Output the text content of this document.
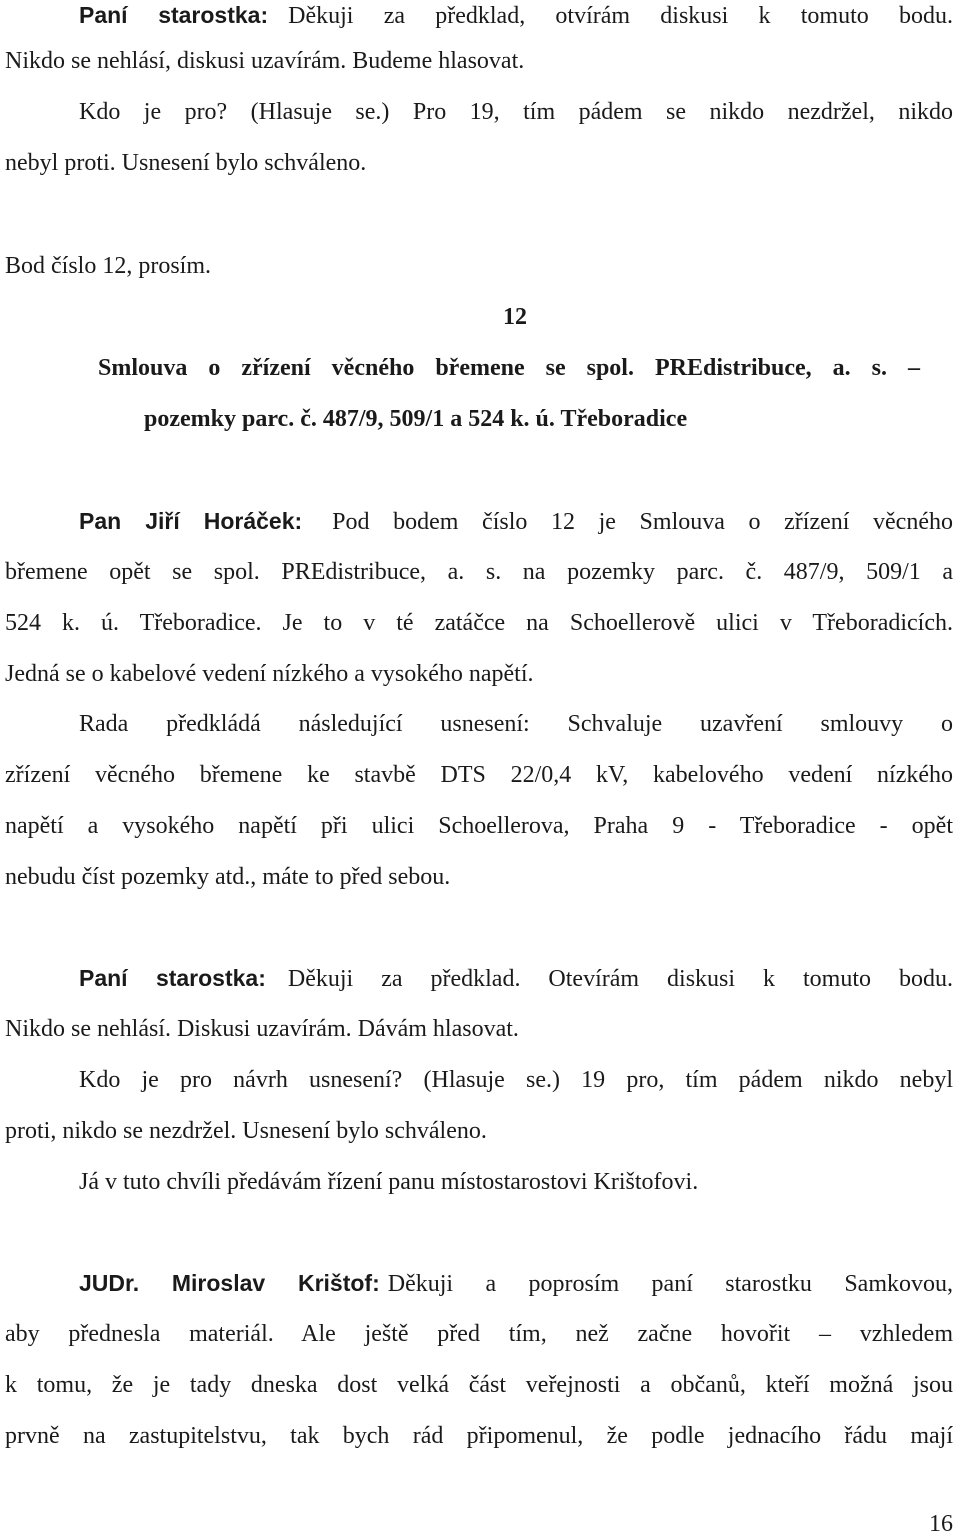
Paní starostka: Děkuji za předklad, otvírám diskusi k tomuto bodu.
Nikdo se nehlásí, diskusi uzavírám. Budeme hlasovat.
Kdo je pro? (Hlasuje se.) Pro 19, tím pádem se nikdo nezdržel, nikdo
nebyl proti. Usnesení bylo schváleno.
Bod číslo 12, prosím.
12
Smlouva o zřízení věcného břemene se spol. PREdistribuce, a. s. –
pozemky parc. č. 487/9, 509/1 a 524 k. ú. Třeboradice
Pan Jiří Horáček: Pod bodem číslo 12 je Smlouva o zřízení věcného
břemene opět se spol. PREdistribuce, a. s. na pozemky parc. č. 487/9, 509/1 a
524 k. ú. Třeboradice. Je to v té zatáčce na Schoellerově ulici v Třeboradicích.
Jedná se o kabelové vedení nízkého a vysokého napětí.
Rada předkládá následující usnesení: Schvaluje uzavření smlouvy o
zřízení věcného břemene ke stavbě DTS 22/0,4 kV, kabelového vedení nízkého
napětí a vysokého napětí při ulici Schoellerova, Praha 9 - Třeboradice - opět
nebudu číst pozemky atd., máte to před sebou.
Paní starostka: Děkuji za předklad. Otevírám diskusi k tomuto bodu.
Nikdo se nehlásí. Diskusi uzavírám. Dávám hlasovat.
Kdo je pro návrh usnesení? (Hlasuje se.) 19 pro, tím pádem nikdo nebyl
proti, nikdo se nezdržel. Usnesení bylo schváleno.
Já v tuto chvíli předávám řízení panu místostarostovi Krištofovi.
JUDr. Miroslav Krištof: Děkuji a poprosím paní starostku Samkovou,
aby přednesla materiál. Ale ještě před tím, než začne hovořit – vzhledem
k tomu, že je tady dneska dost velká část veřejnosti a občanů, kteří možná jsou
prvně na zastupitelstvu, tak bych rád připomenul, že podle jednacího řádu mají
16
